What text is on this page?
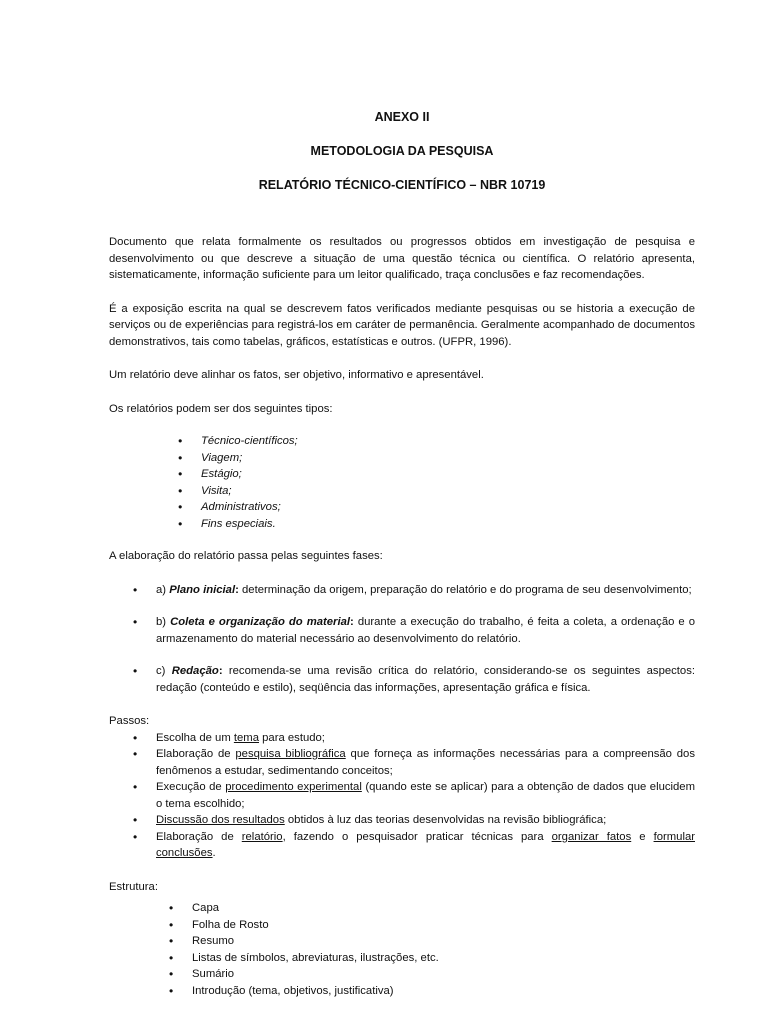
ANEXO II
METODOLOGIA DA PESQUISA
RELATÓRIO TÉCNICO-CIENTÍFICO – NBR 10719
Documento que relata formalmente os resultados ou progressos obtidos em investigação de pesquisa e desenvolvimento ou que descreve a situação de uma questão técnica ou científica. O relatório apresenta, sistematicamente, informação suficiente para um leitor qualificado, traça conclusões e faz recomendações.
É a exposição escrita na qual se descrevem fatos verificados mediante pesquisas ou se historia a execução de serviços ou de experiências para registrá-los em caráter de permanência. Geralmente acompanhado de documentos demonstrativos, tais como tabelas, gráficos, estatísticas e outros. (UFPR, 1996).
Um relatório deve alinhar os fatos, ser objetivo, informativo e apresentável.
Os relatórios podem ser dos seguintes tipos:
• Técnico-científicos;
• Viagem;
• Estágio;
• Visita;
• Administrativos;
• Fins especiais.
A elaboração do relatório passa pelas seguintes fases:
• a) Plano inicial: determinação da origem, preparação do relatório e do programa de seu desenvolvimento;
• b) Coleta e organização do material: durante a execução do trabalho, é feita a coleta, a ordenação e o armazenamento do material necessário ao desenvolvimento do relatório.
• c) Redação: recomenda-se uma revisão crítica do relatório, considerando-se os seguintes aspectos: redação (conteúdo e estilo), seqüência das informações, apresentação gráfica e física.
Passos:
• Escolha de um tema para estudo;
• Elaboração de pesquisa bibliográfica que forneça as informações necessárias para a compreensão dos fenômenos a estudar, sedimentando conceitos;
• Execução de procedimento experimental (quando este se aplicar) para a obtenção de dados que elucidem o tema escolhido;
• Discussão dos resultados obtidos à luz das teorias desenvolvidas na revisão bibliográfica;
• Elaboração de relatório, fazendo o pesquisador praticar técnicas para organizar fatos e formular conclusões.
Estrutura:
• Capa
• Folha de Rosto
• Resumo
• Listas de símbolos, abreviaturas, ilustrações, etc.
• Sumário
• Introdução (tema, objetivos, justificativa)
